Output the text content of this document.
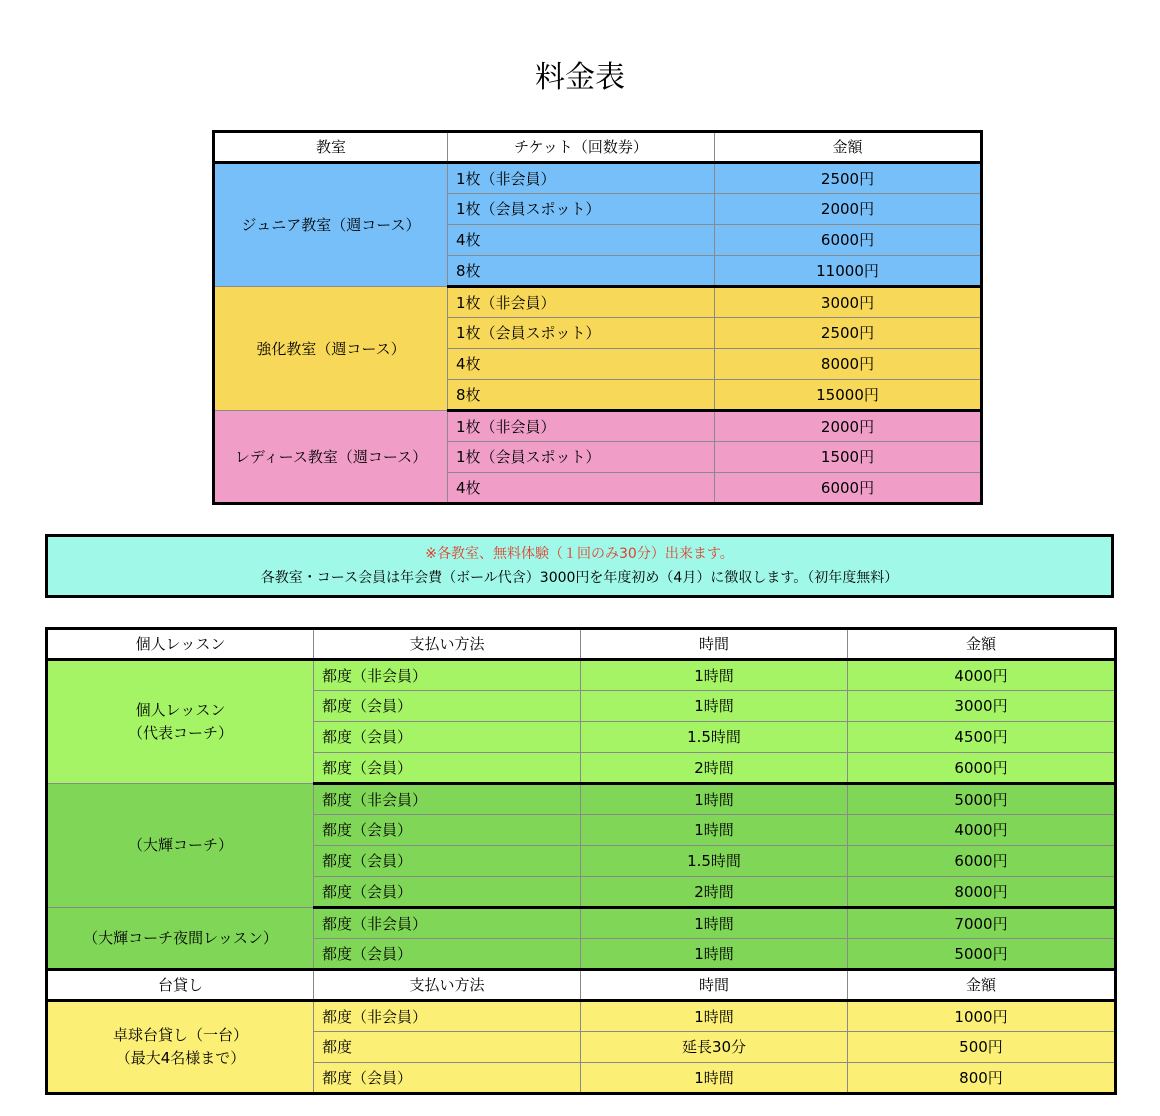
料金表
教室	チケット（回数券）	金額
ジュニア教室（週コース）	1枚（非会員）	2500円
	1枚（会員スポット）	2000円
	4枚	6000円
	8枚	11000円
強化教室（週コース）	1枚（非会員）	3000円
	1枚（会員スポット）	2500円
	4枚	8000円
	8枚	15000円
レディース教室（週コース）	1枚（非会員）	2000円
	1枚（会員スポット）	1500円
	4枚	6000円
※各教室、無料体験（１回のみ30分）出来ます。
各教室・コース会員は年会費（ボール代含）3000円を年度初め（4月）に徴収します。（初年度無料）
個人レッスン	支払い方法	時間	金額

個人レッスン
（代表コーチ）	都度（非会員）	1時間	4000円
	都度（会員）	1時間	3000円
	都度（会員）	1.5時間	4500円
	都度（会員）	2時間	6000円
（大輝コーチ）	都度（非会員）	1時間	5000円
	都度（会員）	1時間	4000円
	都度（会員）	1.5時間	6000円
	都度（会員）	2時間	8000円
（大輝コーチ夜間レッスン）	都度（非会員）	1時間	7000円
	都度（会員）	1時間	5000円
台貸し	支払い方法	時間	金額

卓球台貸し（一台）
（最大4名様まで）	都度（非会員）	1時間	1000円
	都度	延長30分	500円
	都度（会員）	1時間	800円
